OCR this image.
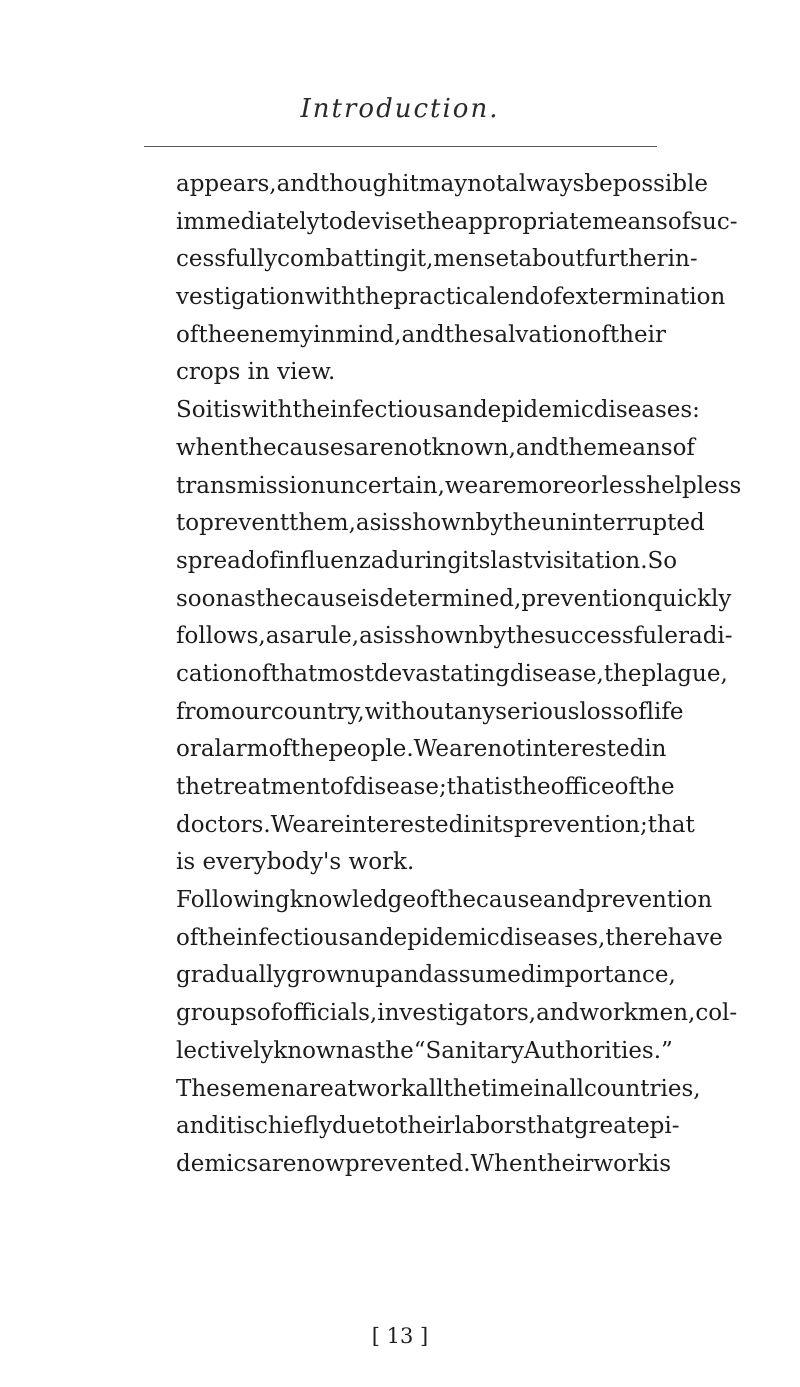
Introduction.
appears, and though it may not always be possible
immediately to devise the appropriate means of suc-
cessfully combatting it, men set about further in-
vestigation with the practical end of extermination
of the enemy in mind, and the salvation of their
crops in view.
So it is with the infectious and epidemic diseases:
when the causes are not known, and the means of
transmission uncertain, we are more or less helpless
to prevent them, as is shown by the uninterrupted
spread of influenza during its last visitation. So
soon as the cause is determined, prevention quickly
follows, as a rule, as is shown by the successful eradi-
cation of that most devastating disease, the plague,
from our country, without any serious loss of life
or alarm of the people. We are not interested in
the treatment of disease; that is the office of the
doctors. We are interested in its prevention; that
is everybody's work.
Following knowledge of the cause and prevention
of the infectious and epidemic diseases, there have
gradually grown up and assumed importance,
groups of officials, investigators, and workmen, col-
lectively known as the “Sanitary Authorities.”
These men are at work all the time in all countries,
and it is chiefly due to their labors that great epi-
demics are now prevented. When their work is
[ 13 ]
